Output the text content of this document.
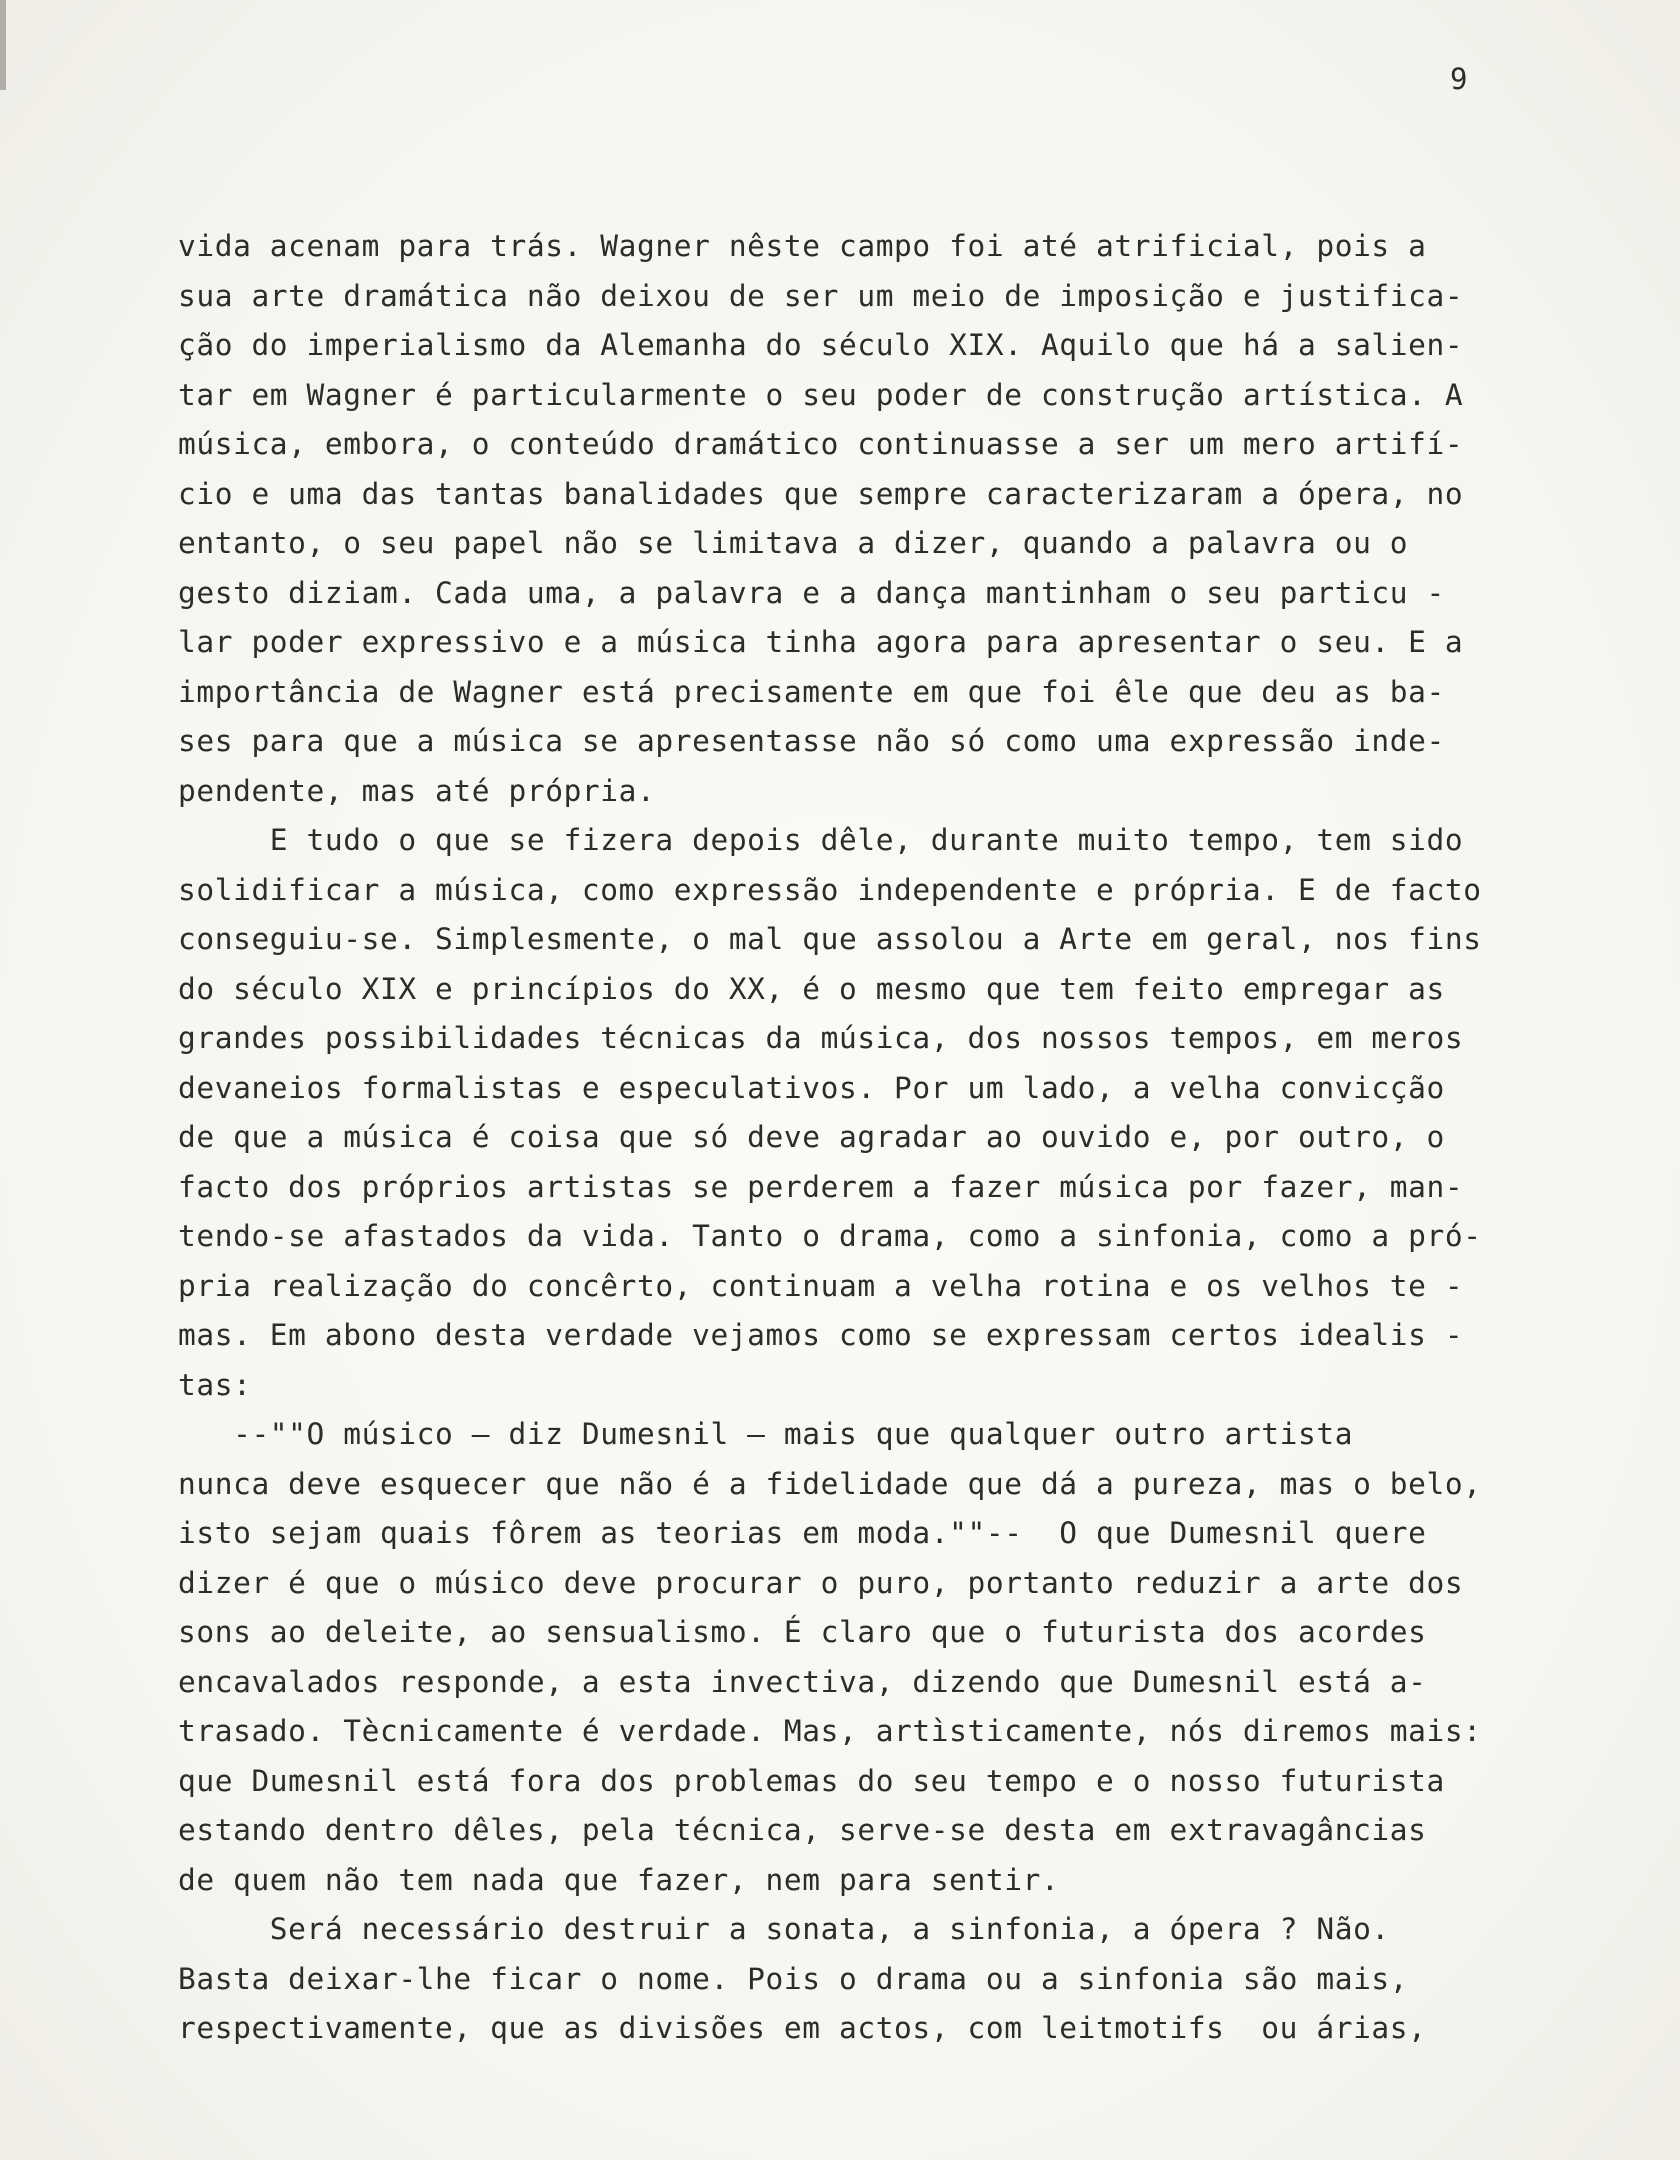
9
vida acenam para trás. Wagner nêste campo foi até atrificial, pois a
sua arte dramática não deixou de ser um meio de imposição e justifica-
ção do imperialismo da Alemanha do século XIX. Aquilo que há a salien-
tar em Wagner é particularmente o seu poder de construção artística. A
música, embora, o conteúdo dramático continuasse a ser um mero artifí-
cio e uma das tantas banalidades que sempre caracterizaram a ópera, no
entanto, o seu papel não se limitava a dizer, quando a palavra ou o
gesto diziam. Cada uma, a palavra e a dança mantinham o seu particu -
lar poder expressivo e a música tinha agora para apresentar o seu. E a
importância de Wagner está precisamente em que foi êle que deu as ba-
ses para que a música se apresentasse não só como uma expressão inde-
pendente, mas até própria.
E tudo o que se fizera depois dêle, durante muito tempo, tem sido
solidificar a música, como expressão independente e própria. E de facto
conseguiu-se. Simplesmente, o mal que assolou a Arte em geral, nos fins
do século XIX e princípios do XX, é o mesmo que tem feito empregar as
grandes possibilidades técnicas da música, dos nossos tempos, em meros
devaneios formalistas e especulativos. Por um lado, a velha convicção
de que a música é coisa que só deve agradar ao ouvido e, por outro, o
facto dos próprios artistas se perderem a fazer música por fazer, man-
tendo-se afastados da vida. Tanto o drama, como a sinfonia, como a pró-
pria realização do concêrto, continuam a velha rotina e os velhos te -
mas. Em abono desta verdade vejamos como se expressam certos idealis -
tas:
--""O músico — diz Dumesnil — mais que qualquer outro artista
nunca deve esquecer que não é a fidelidade que dá a pureza, mas o belo,
isto sejam quais fôrem as teorias em moda.""--  O que Dumesnil quere
dizer é que o músico deve procurar o puro, portanto reduzir a arte dos
sons ao deleite, ao sensualismo. É claro que o futurista dos acordes
encavalados responde, a esta invectiva, dizendo que Dumesnil está a-
trasado. Tècnicamente é verdade. Mas, artìsticamente, nós diremos mais:
que Dumesnil está fora dos problemas do seu tempo e o nosso futurista
estando dentro dêles, pela técnica, serve-se desta em extravagâncias
de quem não tem nada que fazer, nem para sentir.
Será necessário destruir a sonata, a sinfonia, a ópera ? Não.
Basta deixar-lhe ficar o nome. Pois o drama ou a sinfonia são mais,
respectivamente, que as divisões em actos, com leitmotifs  ou árias,
